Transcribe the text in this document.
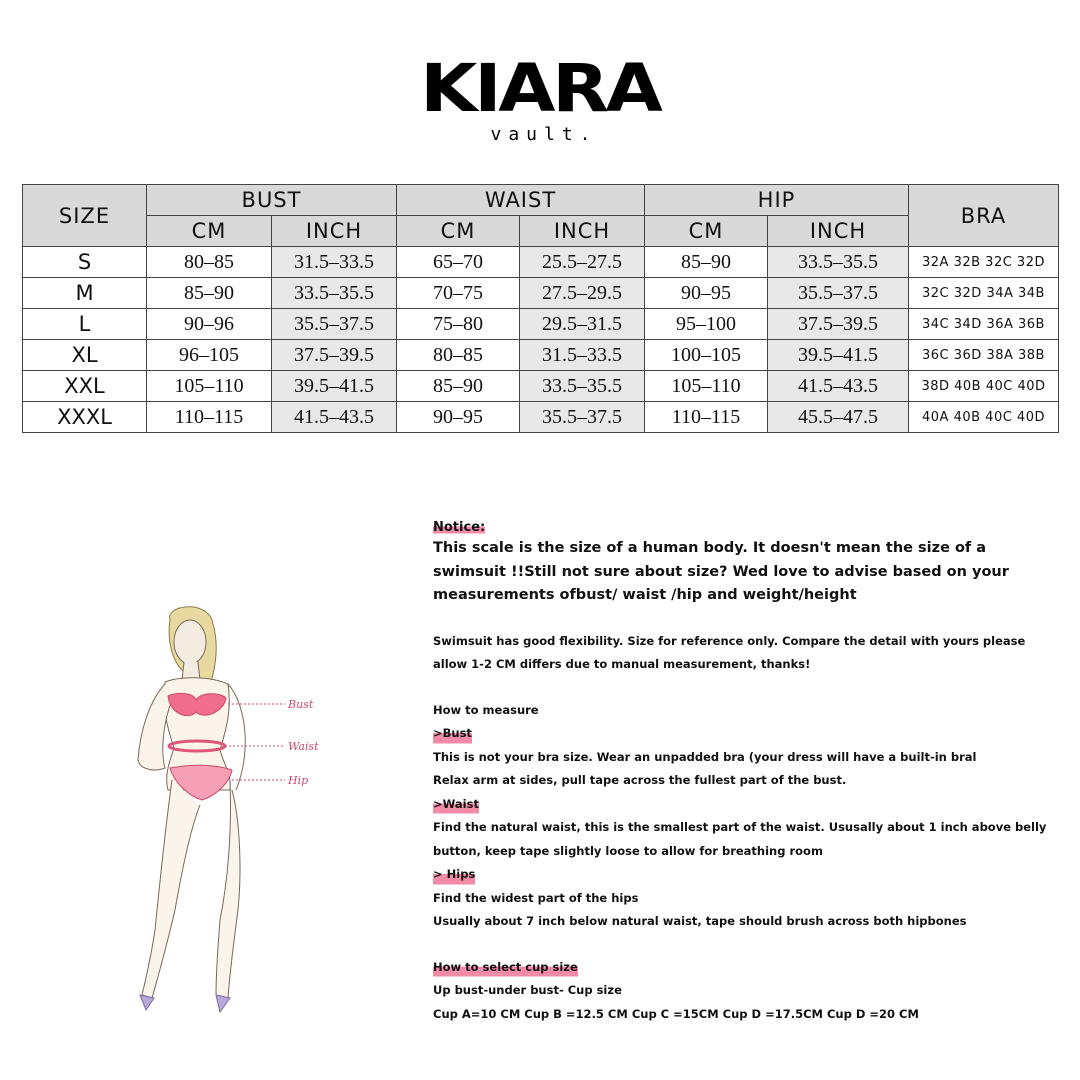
KIARA
vault.
SIZE	BUST		WAIST		HIP		BRA
	CM	INCH	CM	INCH	CM	INCH	
S	80–85	31.5–33.5	65–70	25.5–27.5	85–90	33.5–35.5	32A 32B 32C 32D
M	85–90	33.5–35.5	70–75	27.5–29.5	90–95	35.5–37.5	32C 32D 34A 34B
L	90–96	35.5–37.5	75–80	29.5–31.5	95–100	37.5–39.5	34C 34D 36A 36B
XL	96–105	37.5–39.5	80–85	31.5–33.5	100–105	39.5–41.5	36C 36D 38A 38B
XXL	105–110	39.5–41.5	85–90	33.5–35.5	105–110	41.5–43.5	38D 40B 40C 40D
XXXL	110–115	41.5–43.5	90–95	35.5–37.5	110–115	45.5–47.5	40A 40B 40C 40D
Bust
Waist
Hip
Notice:
This scale is the size of a human body. It doesn't mean the size of a swimsuit !!Still not sure about size? Wed love to advise based on your measurements ofbust/ waist /hip and weight/height
Swimsuit has good flexibility. Size for reference only. Compare the detail with yours please allow 1-2 CM differs due to manual measurement, thanks!
How to measure
>Bust
This is not your bra size. Wear an unpadded bra (your dress will have a built-in bral
Relax arm at sides, pull tape across the fullest part of the bust.
>Waist
Find the natural waist, this is the smallest part of the waist. Ususally about 1 inch above belly button, keep tape slightly loose to allow for breathing room
> Hips
Find the widest part of the hips
Usually about 7 inch below natural waist, tape should brush across both hipbones
How to select cup size
Up bust-under bust- Cup size
Cup A=10 CM Cup B =12.5 CM Cup C =15CM Cup D =17.5CM Cup D =20 CM
